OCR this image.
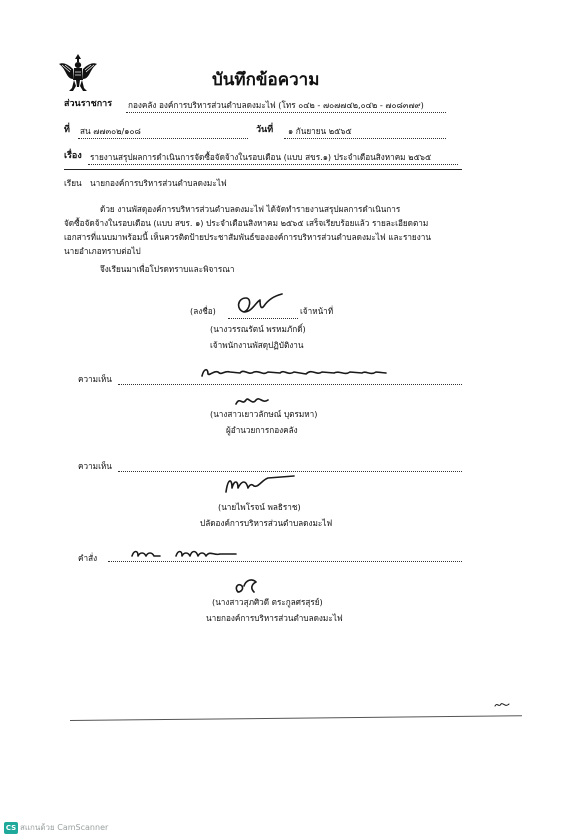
บันทึกข้อความ
ส่วนราชการ กองคลัง องค์การบริหารส่วนตำบลดงมะไฟ (โทร ๐๔๒ - ๗๐๗๗๔๒,๐๔๒ - ๗๐๘๓๗๙)
ที่ สน ๗๗๓๐๒/๑๐๘	วันที่ ๑ กันยายน ๒๕๖๕
เรื่อง รายงานสรุปผลการดำเนินการจัดซื้อจัดจ้างในรอบเดือน (แบบ สขร.๑) ประจำเดือนสิงหาคม ๒๕๖๕
เรียน นายกองค์การบริหารส่วนตำบลดงมะไฟ
ด้วย งานพัสดุองค์การบริหารส่วนตำบลดงมะไฟ ได้จัดทำรายงานสรุปผลการดำเนินการ
จัดซื้อจัดจ้างในรอบเดือน (แบบ สขร. ๑) ประจำเดือนสิงหาคม ๒๕๖๕ เสร็จเรียบร้อยแล้ว รายละเอียดตาม
เอกสารที่แนบมาพร้อมนี้ เห็นควรติดป้ายประชาสัมพันธ์ขององค์การบริหารส่วนตำบลดงมะไฟ และรายงาน
นายอำเภอทราบต่อไป
จึงเรียนมาเพื่อโปรดทราบและพิจารณา
(ลงชื่อ)	เจ้าหน้าที่
(นางวรรณรัตน์ พรหมภักดิ์)
เจ้าพนักงานพัสดุปฏิบัติงาน
ความเห็น
(นางสาวเยาวลักษณ์ บุตรมหา)
ผู้อำนวยการกองคลัง
ความเห็น
(นายไพโรจน์ พลธิราช)
ปลัดองค์การบริหารส่วนตำบลดงมะไฟ
คำสั่ง
(นางสาวสุภศิวดี ตระกูลศรสุรย์)
นายกองค์การบริหารส่วนตำบลดงมะไฟ
CS สแกนด้วย CamScanner
